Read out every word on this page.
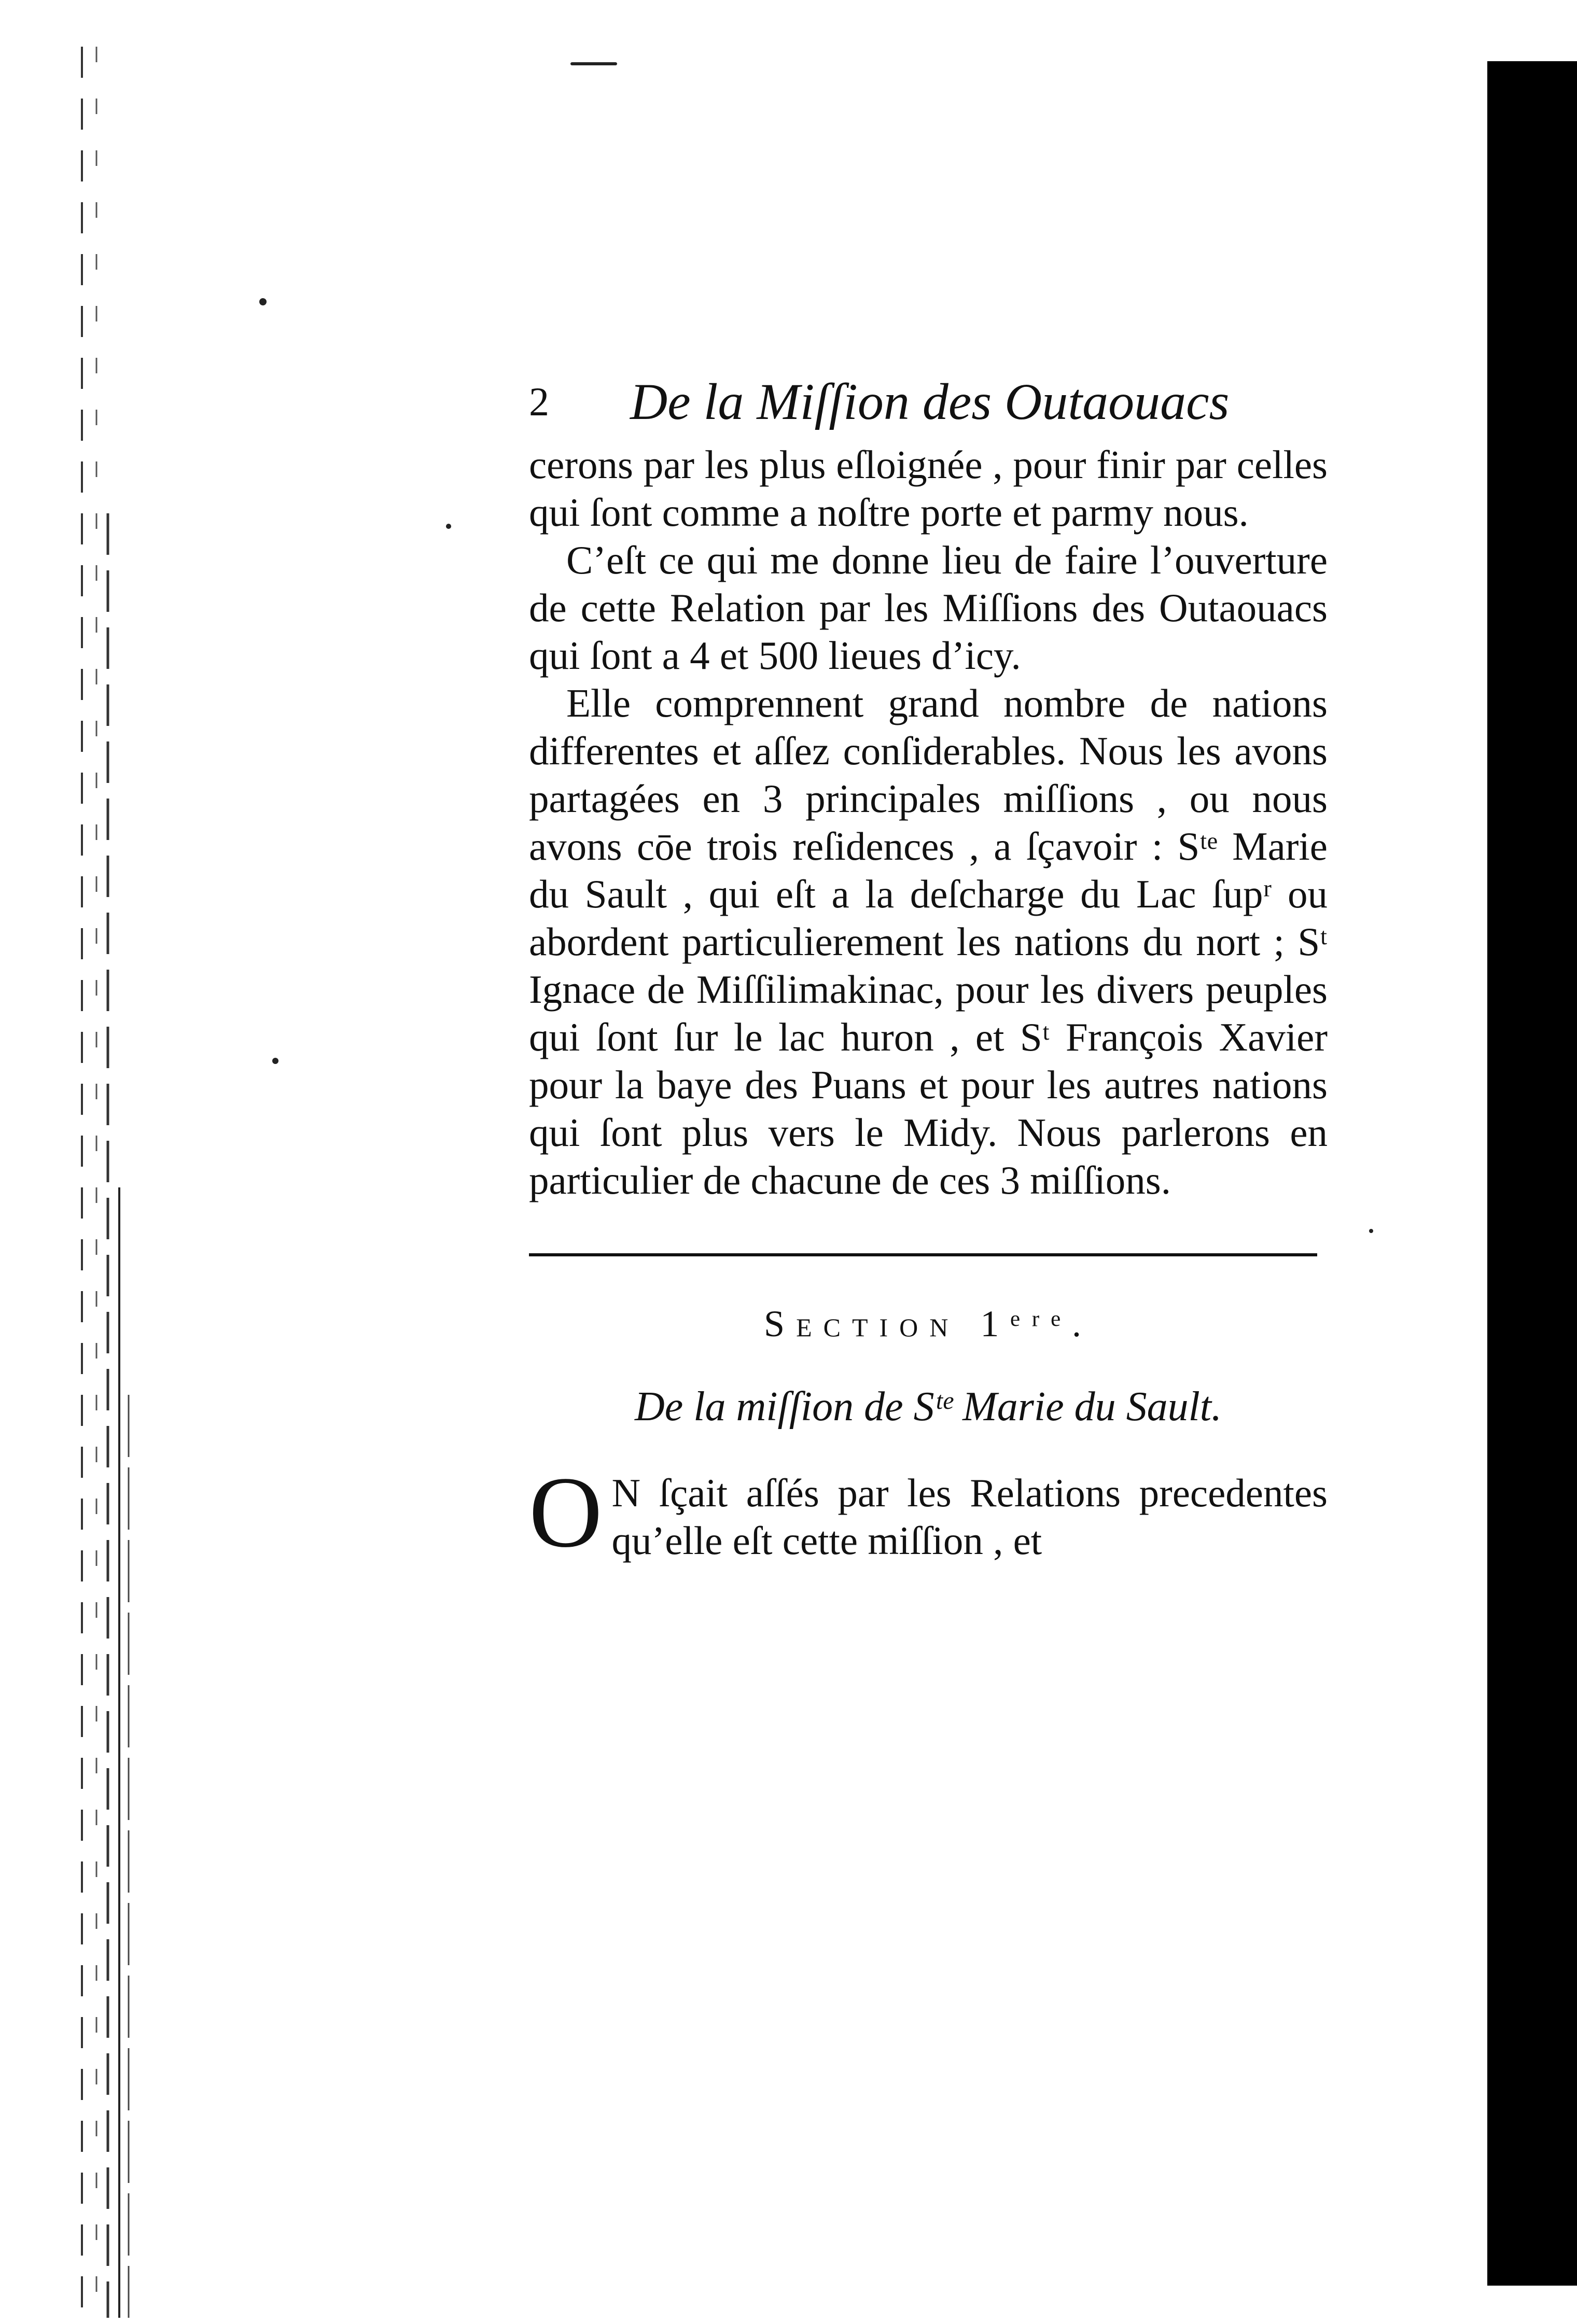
2 De la Miſſion des Outaouacs

cerons par les plus eſloignée , pour finir par celles qui ſont comme a noſtre porte et parmy nous.

C’eſt ce qui me donne lieu de faire l’ouverture de cette Relation par les Miſſions des Outaouacs qui ſont a 4 et 500 lieues d’icy.

Elle comprennent grand nombre de nations differentes et aſſez conſiderables. Nous les avons partagées en 3 principales miſſions , ou nous avons cōe trois reſidences , a ſçavoir : Sᵗᵉ Marie du Sault , qui eſt a la deſcharge du Lac ſupʳ ou abordent particulierement les nations du nort ; Sᵗ Ignace de Miſſilimakinac, pour les divers peuples qui ſont ſur le lac huron , et Sᵗ François Xavier pour la baye des Puans et pour les autres nations qui ſont plus vers le Midy. Nous parlerons en particulier de chacune de ces 3 miſſions.

Section 1ᵉʳᵉ.
De la miſſion de Sᵗᵉ Marie du Sault.

O N ſçait aſſés par les Relations precedentes qu’elle eſt cette miſſion , et
